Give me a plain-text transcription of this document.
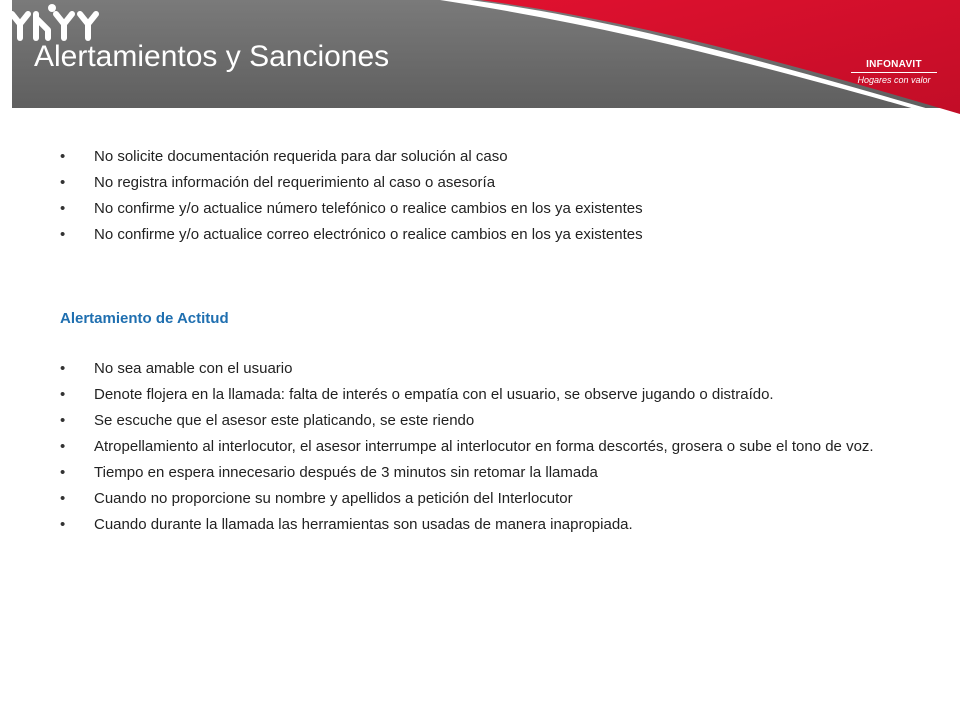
Alertamientos y Sanciones	INFONAVIT
Hogares con valor
• No solicite documentación requerida para dar solución al caso
• No registra información del requerimiento al caso o asesoría
• No confirme y/o actualice número telefónico o realice cambios en los ya existentes
• No confirme y/o actualice correo electrónico o realice cambios en los ya existentes
Alertamiento de Actitud
• No sea amable con el usuario
• Denote flojera en la llamada: falta de interés o empatía con el usuario, se observe jugando o distraído.
• Se escuche que el asesor este platicando, se este riendo
• Atropellamiento al interlocutor, el asesor interrumpe al interlocutor en forma descortés, grosera o sube el tono de voz.
• Tiempo en espera innecesario después de 3 minutos sin retomar la llamada
• Cuando no proporcione su nombre y apellidos a petición del Interlocutor
• Cuando durante la llamada las herramientas son usadas de manera inapropiada.
